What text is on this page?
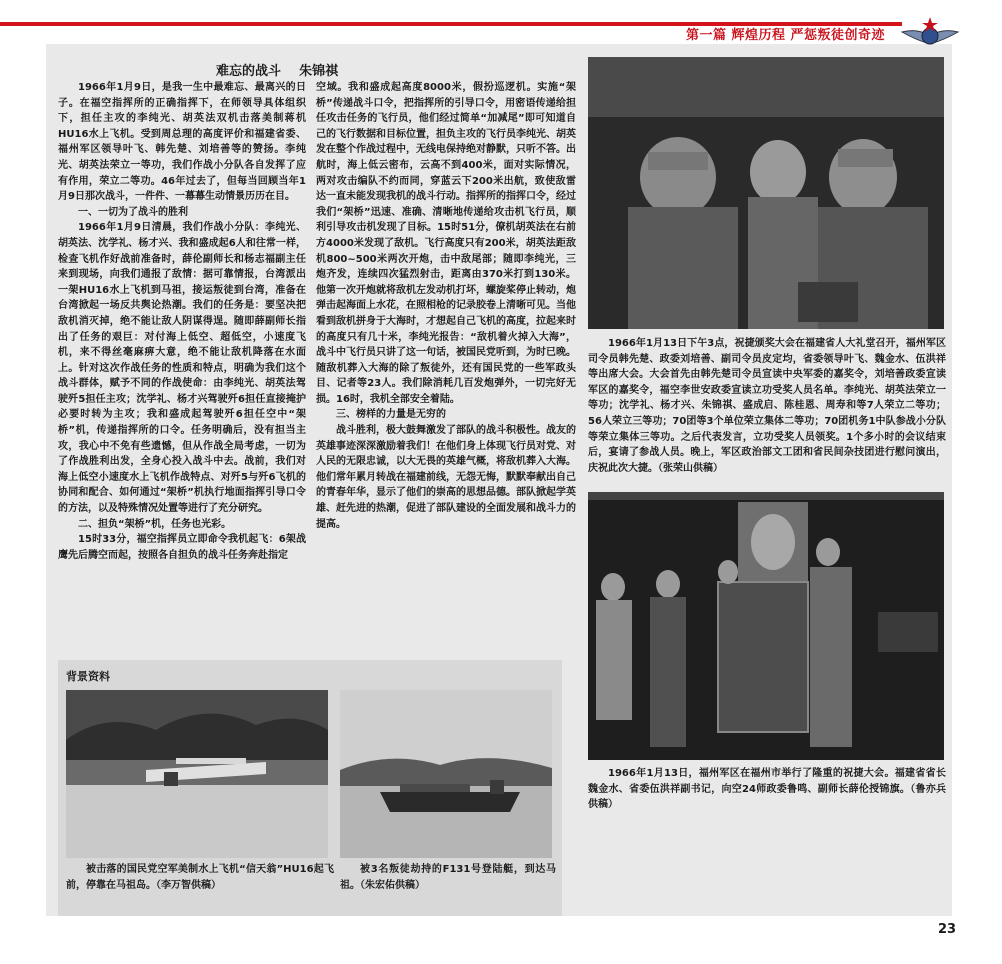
第一篇 辉煌历程 严惩叛徒创奇迹
难忘的战斗    朱锦祺

1966年1月9日，是我一生中最难忘、最离兴的日子。在福空指挥所的正确指挥下，在师领导具体组织下，担任主攻的李纯光、胡英法双机击落美制蒋机HU16水上飞机。受到周总理的高度评价和福建省委、福州军区领导叶飞、韩先楚、刘培善等的赞扬。李纯光、胡英法荣立一等功，我们作战小分队各自发挥了应有作用，荣立二等功。46年过去了，但每当回顾当年1月9日那次战斗，一件件、一幕幕生动情景历历在目。

一、一切为了战斗的胜利

1966年1月9日清晨，我们作战小分队：李纯光、胡英法、沈学礼、杨才兴、我和盛成起6人和往常一样，检查飞机作好战前准备时，薛伦副师长和杨志福副主任来到现场，向我们通报了敌情：据可靠情报，台湾派出一架HU16水上飞机到马祖，接运叛徒到台湾，准备在台湾掀起一场反共舆论热潮。我们的任务是：要坚决把敌机消灭掉，绝不能让敌人阴谋得逞。随即薛副师长指出了任务的艰巨：对付海上低空、超低空，小速度飞机，来不得丝毫麻痹大意，绝不能让敌机降落在水面上。针对这次作战任务的性质和特点，明确为我们这个战斗群体，赋予不同的作战使命：由李纯光、胡英法驾驶歼5担任主攻；沈学礼、杨才兴驾驶歼6担任直接掩护必要时转为主攻；我和盛成起驾驶歼6担任空中“架桥”机，传递指挥所的口令。任务明确后，没有担当主攻，我心中不免有些遗憾，但从作战全局考虑，一切为了作战胜利出发，全身心投入战斗中去。战前，我们对海上低空小速度水上飞机作战特点、对歼5与歼6飞机的协同和配合、如何通过“架桥”机执行地面指挥引导口令的方法，以及特殊情况处置等进行了充分研究。

二、担负“架桥”机，任务也光彩。

15时33分，福空指挥员立即命令我机起飞：6架战鹰先后腾空而起，按照各自担负的战斗任务奔赴指定

空域。我和盛成起高度8000米，假扮巡逻机。实施“架桥”传递战斗口令，把指挥所的引导口令，用密语传递给担任攻击任务的飞行员，他们经过简单“加减尾”即可知道自己的飞行数据和目标位置，担负主攻的飞行员李纯光、胡英发在整个作战过程中，无线电保持绝对静默，只听不答。出航时，海上低云密布，云高不到400米，面对实际情况，两对攻击编队不约而同，穿蓝云下200米出航，致使敌雷达一直未能发现我机的战斗行动。指挥所的指挥口令，经过我们“架桥”迅速、准确、清晰地传递给攻击机飞行员，顺利引导攻击机发现了目标。15时51分，僚机胡英法在右前方4000米发现了敌机。飞行高度只有200米，胡英法距敌机800~500米两次开炮，击中敌尾部；随即李纯光，三炮齐发，连续四次猛烈射击，距离由370米打到130米。他第一次开炮就将敌机左发动机打坏，螺旋桨停止转动，炮弹击起海面上水花，在照相枪的记录胶卷上清晰可见。当他看到敌机拼身于大海时，才想起自己飞机的高度，拉起来时的高度只有几十米，李纯光报告：“敌机着火掉入大海”，战斗中飞行员只讲了这一句话，被国民党听到，为时已晚。随敌机葬入大海的除了叛徒外，还有国民党的一些军政头目、记者等23人。我们除消耗几百发炮弹外，一切完好无损。16时，我机全部安全着陆。

三、榜样的力量是无穷的

战斗胜利，极大鼓舞激发了部队的战斗积极性。战友的英雄事迹深深激励着我们！在他们身上体现飞行员对党、对人民的无限忠诚，以大无畏的英雄气概，将敌机葬入大海。他们常年累月转战在福建前线，无怨无悔，默默奉献出自己的青春年华，显示了他们的崇高的思想品德。部队掀起学英雄、赶先进的热潮，促进了部队建设的全面发展和战斗力的提高。

1966年1月13日下午3点，祝捷颁奖大会在福建省人大礼堂召开，福州军区司令员韩先楚、政委刘培善、副司令员皮定均，省委领导叶飞、魏金水、伍洪祥等出席大会。大会首先由韩先楚司令员宣读中央军委的嘉奖令，刘培善政委宣读军区的嘉奖令，福空李世安政委宣读立功受奖人员名单。李纯光、胡英法荣立一等功；沈学礼、杨才兴、朱锦祺、盛成启、陈桂恩、周寿和等7人荣立二等功；56人荣立三等功；70团等3个单位荣立集体二等功；70团机务1中队参战小分队等荣立集体三等功。之后代表发言，立功受奖人员领奖。1个多小时的会议结束后，宴请了参战人员。晚上，军区政治部文工团和省民间杂技团进行慰问演出，庆祝此次大捷。（张荣山供稿）

1966年1月13日，福州军区在福州市举行了隆重的祝捷大会。福建省省长魏金水、省委伍洪祥副书记，向空24师政委鲁鸣、副师长薛伦授锦旗。（鲁亦兵供稿）

背景资料

被击落的国民党空军美制水上飞机“信天翁”HU16起飞前，停靠在马祖岛。（李万智供稿）

被3名叛徒劫持的F131号登陆艇，到达马祖。（朱宏佑供稿）

23
